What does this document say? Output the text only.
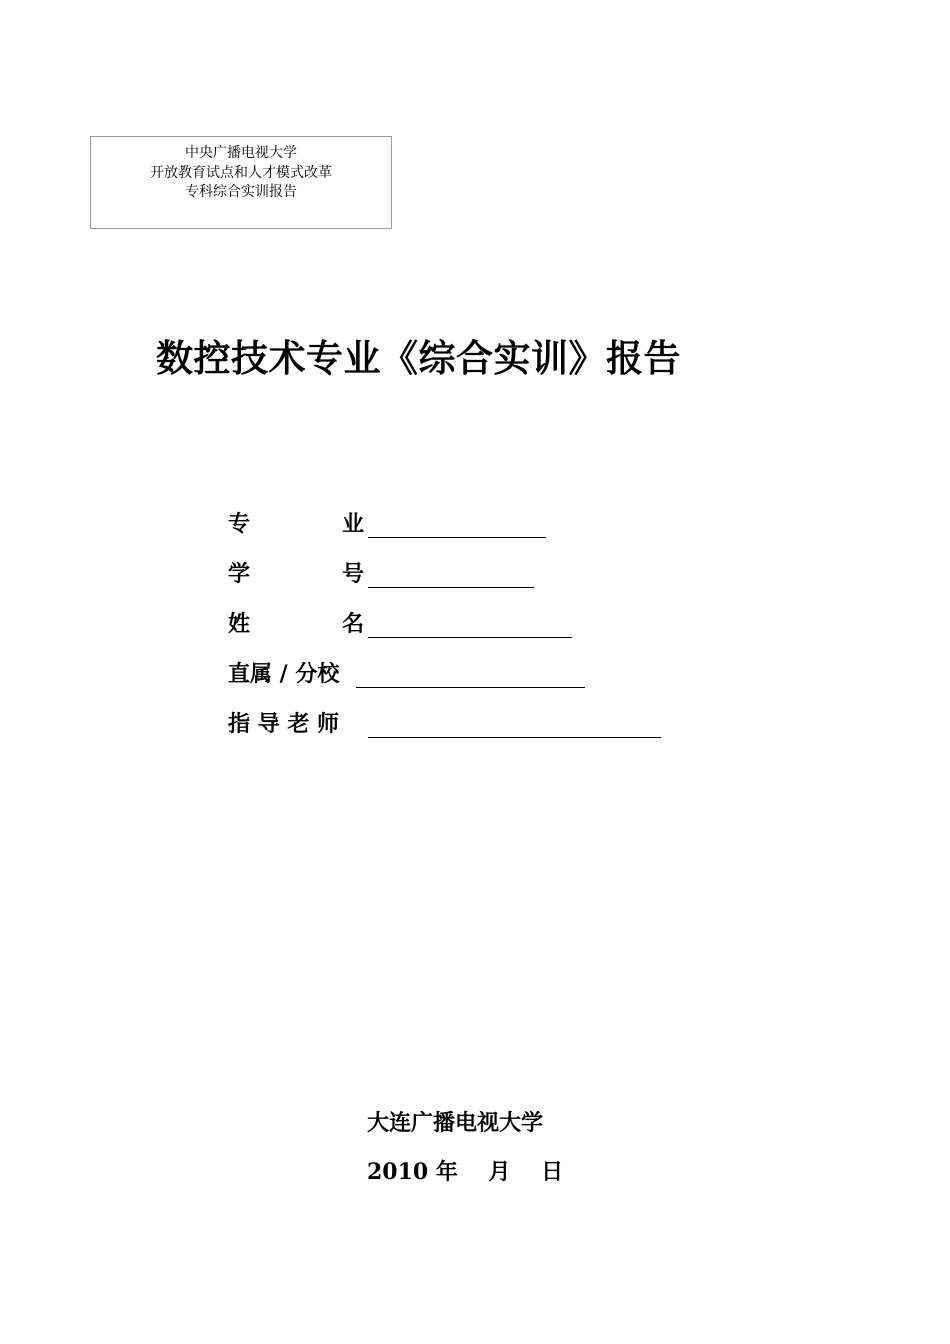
中央广播电视大学
开放教育试点和人才模式改革
专科综合实训报告
数控技术专业《综合实训》报告
专	业
学	号
姓	名
直属 / 分校
指 导 老 师
大连广播电视大学
2010 年    月    日
